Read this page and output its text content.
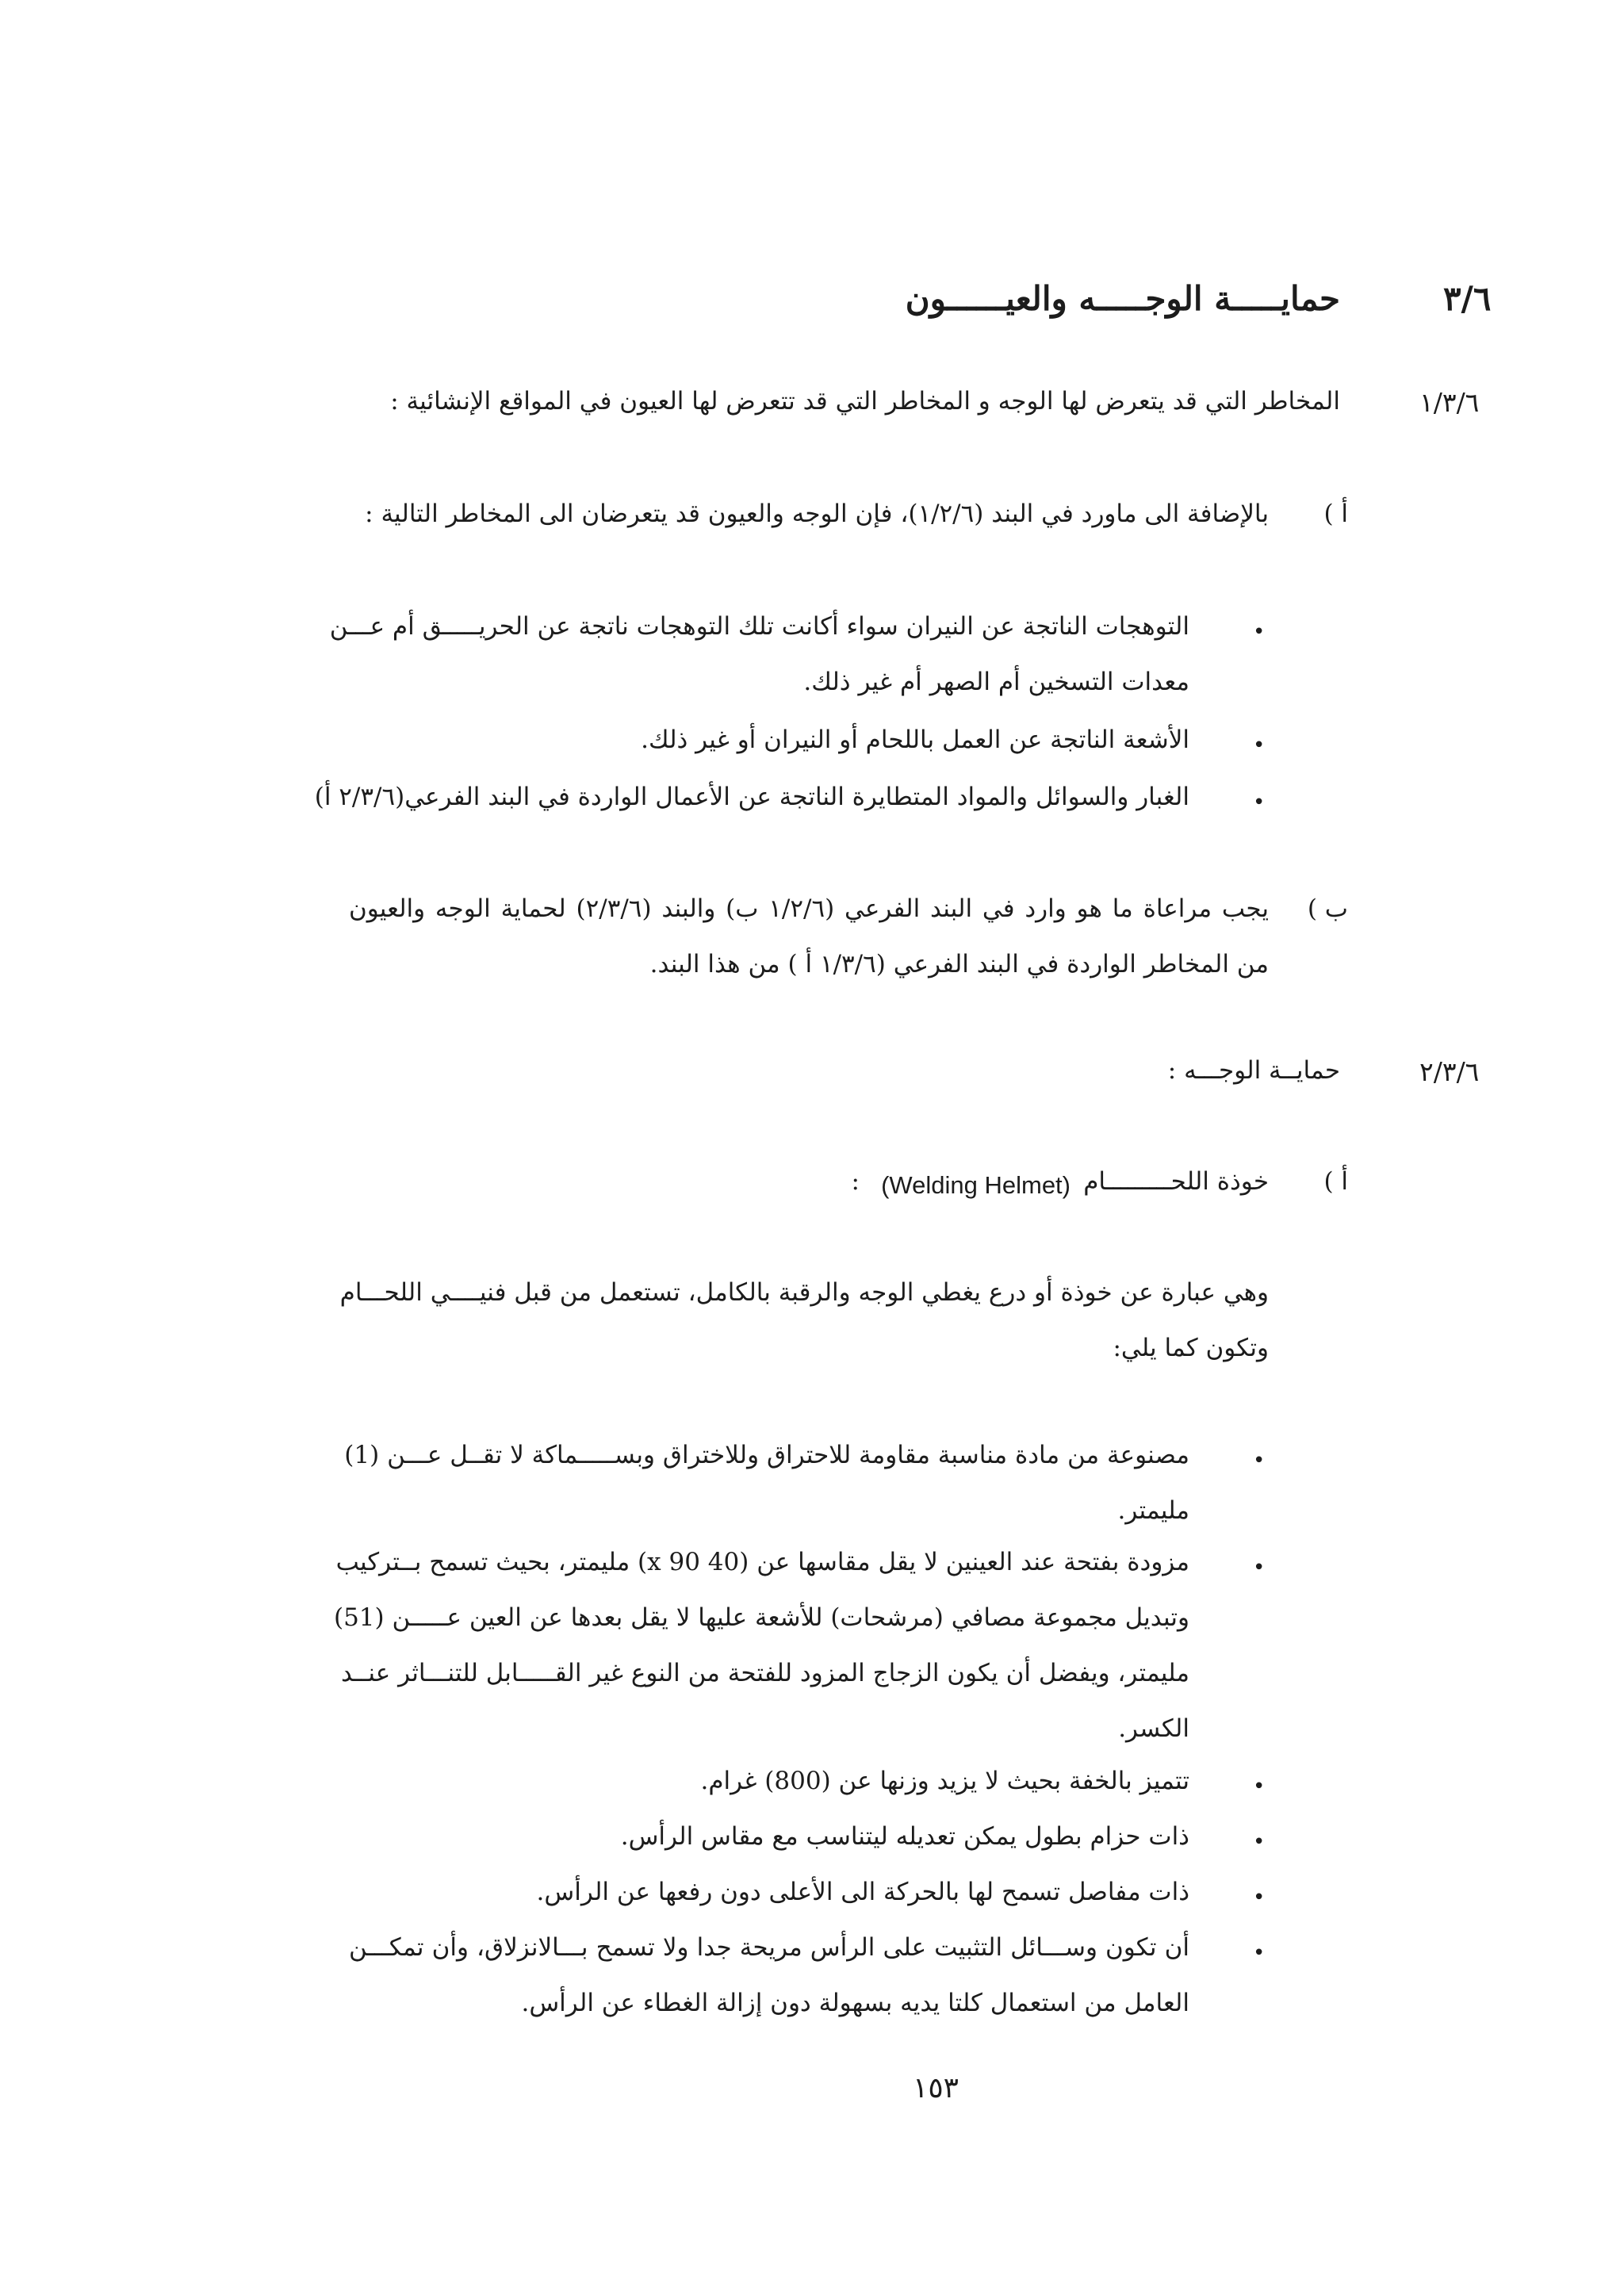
٣/٦
حمايـــــة الوجـــــه والعيــــــون
١/٣/٦
المخاطر التي قد يتعرض لها الوجه و المخاطر التي قد تتعرض لها العيون في المواقع الإنشائية :
أ )
بالإضافة الى ماورد في البند (١/٢/٦)، فإن الوجه والعيون قد يتعرضان الى المخاطر التالية :
•
التوهجات الناتجة عن النيران سواء أكانت تلك التوهجات ناتجة عن الحريـــــق أم عـــن
معدات التسخين أم الصهر أم غير ذلك.
•
الأشعة الناتجة عن العمل باللحام أو النيران أو غير ذلك.
•
الغبار والسوائل والمواد المتطايرة الناتجة عن الأعمال الواردة في البند الفرعي(٢/٣/٦ أ)
ب )
يجب مراعاة ما هو وارد في البند الفرعي (١/٢/٦ ب) والبند (٢/٣/٦) لحماية الوجه والعيون
من المخاطر الواردة في البند الفرعي (١/٣/٦ أ ) من هذا البند.
٢/٣/٦
حمايــة الوجـــه :
أ )
خوذة اللحـــــــــام
(Welding Helmet)
:
وهي عبارة عن خوذة أو درع يغطي الوجه والرقبة بالكامل، تستعمل من قبل فنيــــي اللحـــام
وتكون كما يلي:
•
مصنوعة من مادة مناسبة مقاومة للاحتراق وللاختراق وبســـــماكة لا تقــل عـــن (1)
مليمتر.
•
مزودة بفتحة عند العينين لا يقل مقاسها عن (40 x 90) مليمتر، بحيث تسمح بــتركيب
وتبديل مجموعة مصافي (مرشحات) للأشعة عليها لا يقل بعدها عن العين عـــــن (51)
مليمتر، ويفضل أن يكون الزجاج المزود للفتحة من النوع غير القـــــابل للتنـــاثر عنــد
الكسر.
•
تتميز بالخفة بحيث لا يزيد وزنها عن (800) غرام.
•
ذات حزام بطول يمكن تعديله ليتناسب مع مقاس الرأس.
•
ذات مفاصل تسمح لها بالحركة الى الأعلى دون رفعها عن الرأس.
•
أن تكون وســـائل التثبيت على الرأس مريحة جدا ولا تسمح بـــالانزلاق، وأن تمكـــن
العامل من استعمال كلتا يديه بسهولة دون إزالة الغطاء عن الرأس.
١٥٣
